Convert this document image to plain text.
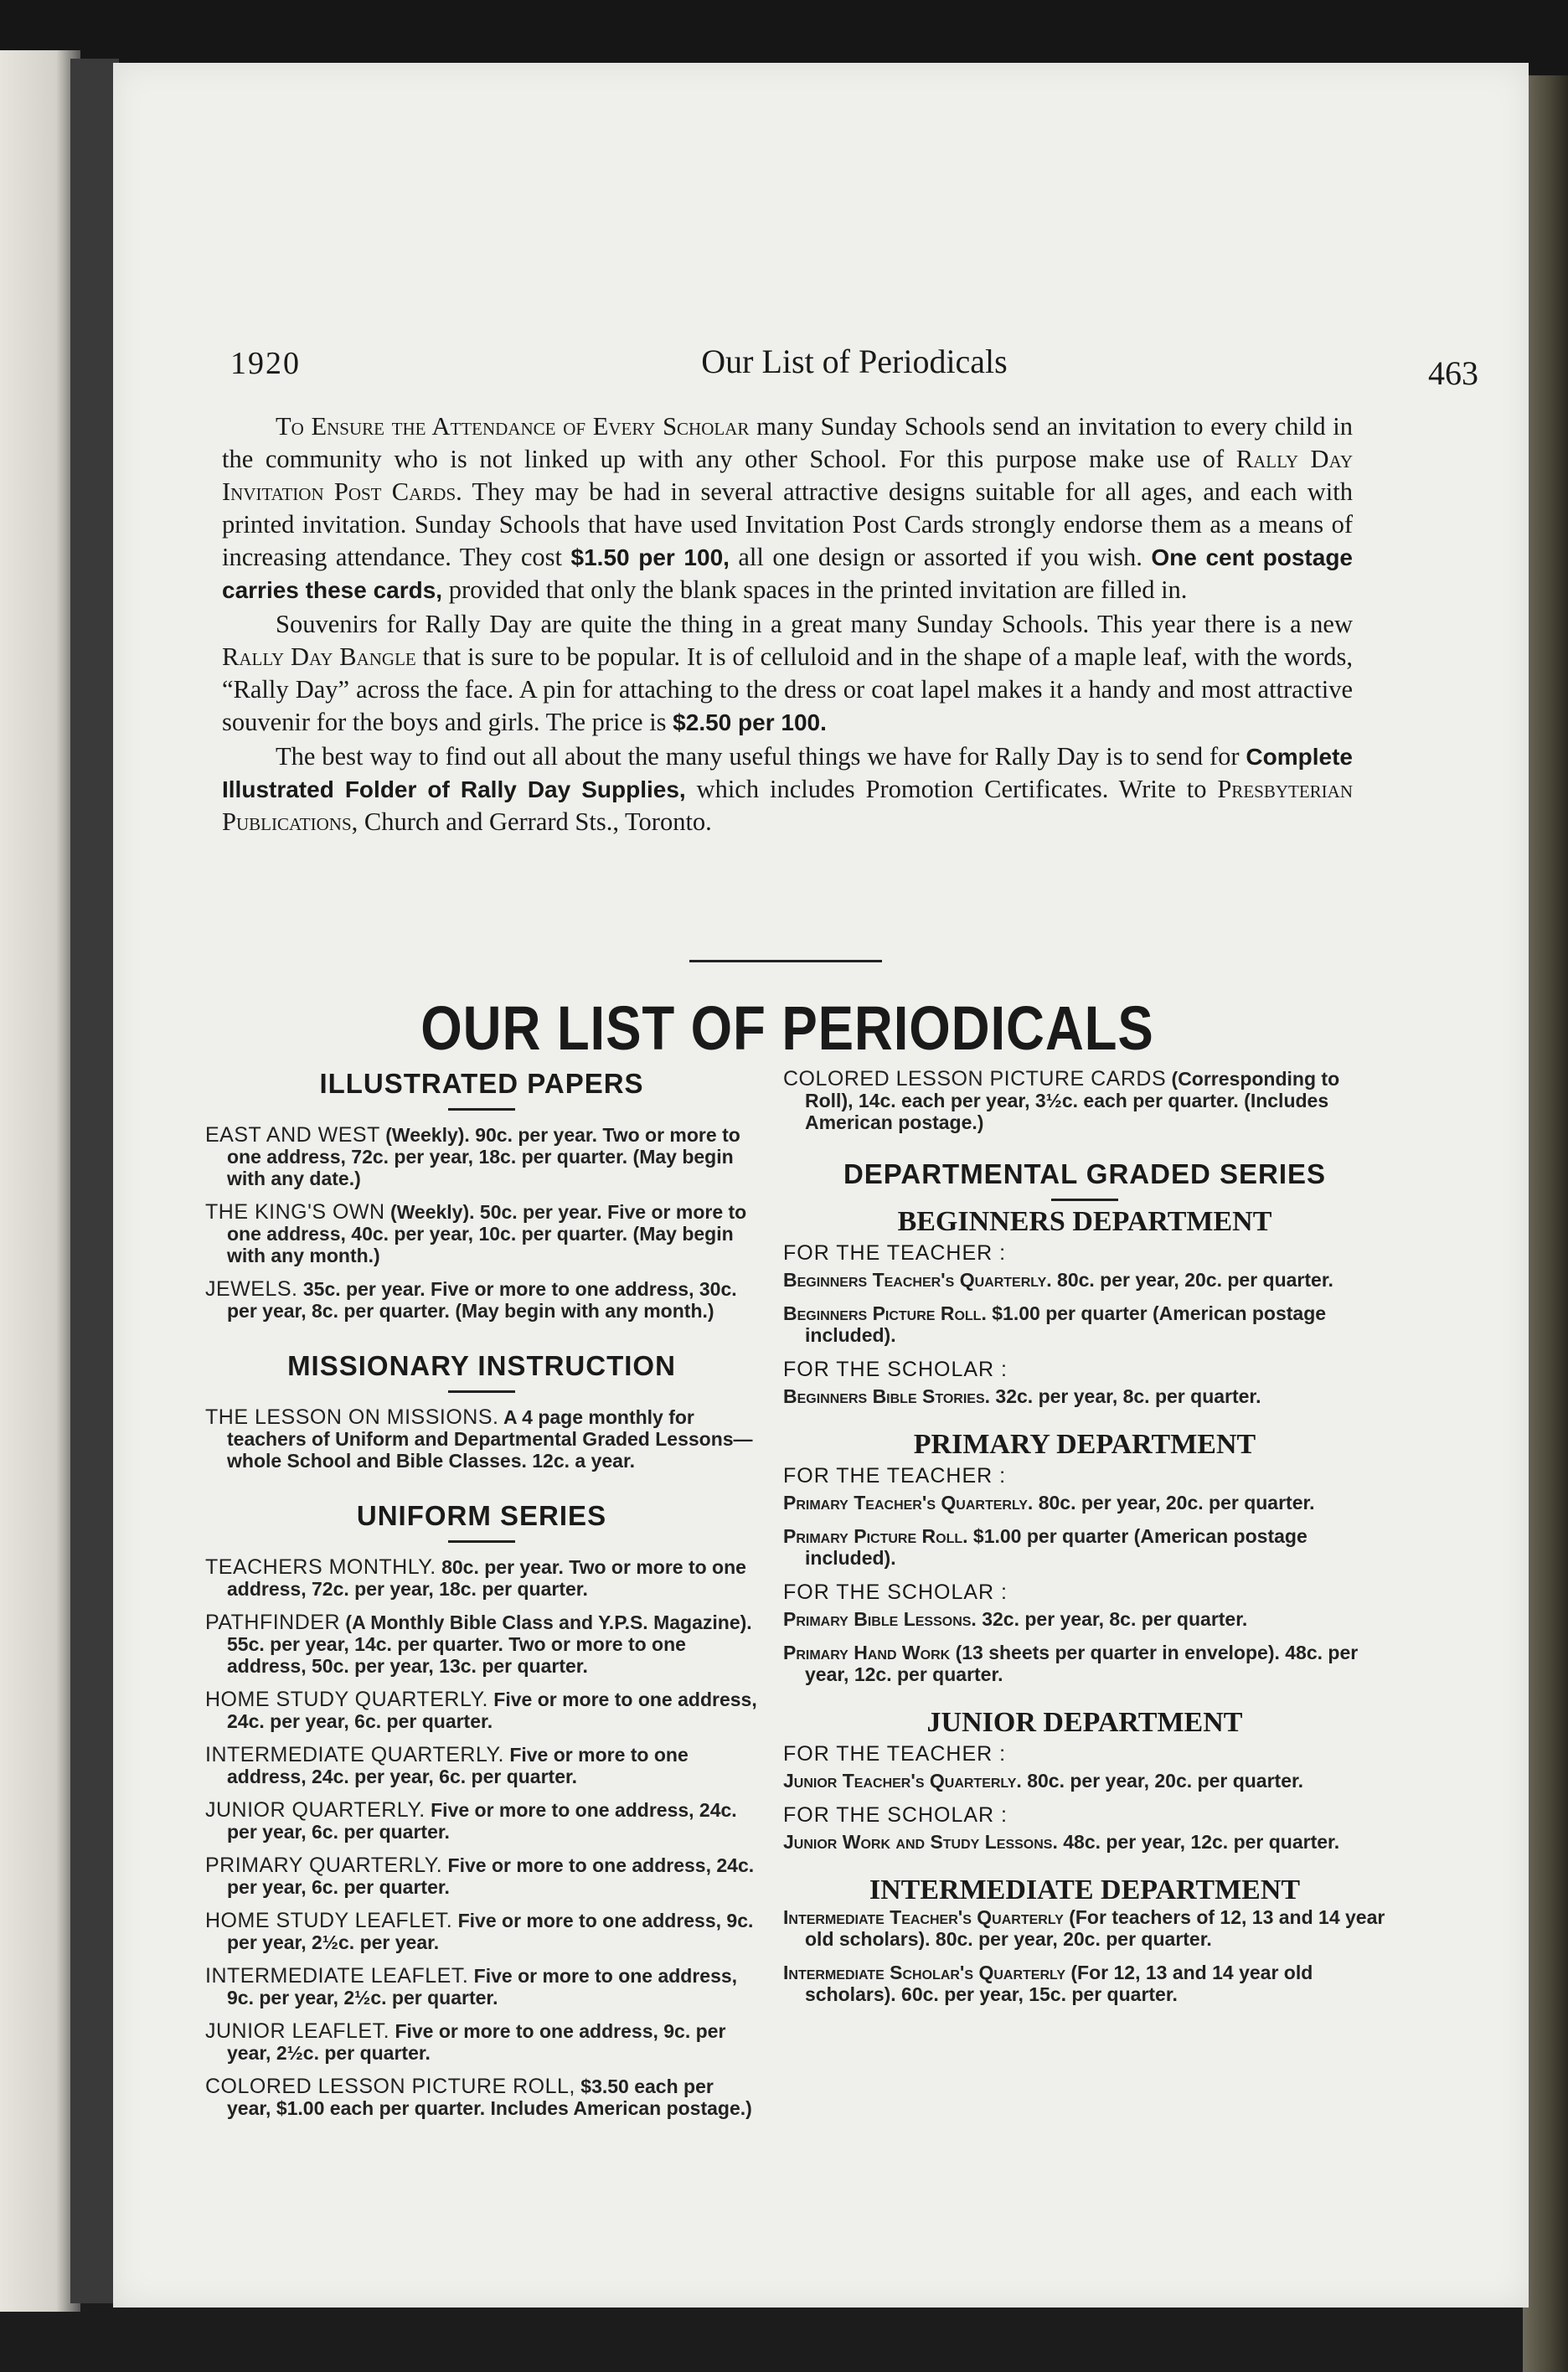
1920	Our List of Periodicals	463

To Ensure the Attendance of Every Scholar many Sunday Schools send an invitation to every child in the community who is not linked up with any other School. For this purpose make use of Rally Day Invitation Post Cards. They may be had in several attractive designs suitable for all ages, and each with printed invitation. Sunday Schools that have used Invitation Post Cards strongly endorse them as a means of increasing attendance. They cost $1.50 per 100, all one design or assorted if you wish. One cent postage carries these cards, provided that only the blank spaces in the printed invitation are filled in.

Souvenirs for Rally Day are quite the thing in a great many Sunday Schools. This year there is a new Rally Day Bangle that is sure to be popular. It is of celluloid and in the shape of a maple leaf, with the words, “Rally Day” across the face. A pin for attaching to the dress or coat lapel makes it a handy and most attractive souvenir for the boys and girls. The price is $2.50 per 100.

The best way to find out all about the many useful things we have for Rally Day is to send for Complete Illustrated Folder of Rally Day Supplies, which includes Promotion Certificates. Write to Presbyterian Publications, Church and Gerrard Sts., Toronto.

OUR LIST OF PERIODICALS
ILLUSTRATED PAPERS

EAST AND WEST (Weekly). 90c. per year. Two or more to one address, 72c. per year, 18c. per quarter. (May begin with any date.)

THE KING'S OWN (Weekly). 50c. per year. Five or more to one address, 40c. per year, 10c. per quarter. (May begin with any month.)

JEWELS. 35c. per year. Five or more to one address, 30c. per year, 8c. per quarter. (May begin with any month.)

MISSIONARY INSTRUCTION

THE LESSON ON MISSIONS. A 4 page monthly for teachers of Uniform and Departmental Graded Lessons—whole School and Bible Classes. 12c. a year.

UNIFORM SERIES

TEACHERS MONTHLY. 80c. per year. Two or more to one address, 72c. per year, 18c. per quarter.

PATHFINDER (A Monthly Bible Class and Y.P.S. Magazine). 55c. per year, 14c. per quarter. Two or more to one address, 50c. per year, 13c. per quarter.

HOME STUDY QUARTERLY. Five or more to one address, 24c. per year, 6c. per quarter.

INTERMEDIATE QUARTERLY. Five or more to one address, 24c. per year, 6c. per quarter.

JUNIOR QUARTERLY. Five or more to one address, 24c. per year, 6c. per quarter.

PRIMARY QUARTERLY. Five or more to one address, 24c. per year, 6c. per quarter.

HOME STUDY LEAFLET. Five or more to one address, 9c. per year, 2½c. per year.

INTERMEDIATE LEAFLET. Five or more to one address, 9c. per year, 2½c. per quarter.

JUNIOR LEAFLET. Five or more to one address, 9c. per year, 2½c. per quarter.

COLORED LESSON PICTURE ROLL, $3.50 each per year, $1.00 each per quarter. Includes American postage.)

COLORED LESSON PICTURE CARDS (Corresponding to Roll), 14c. each per year, 3½c. each per quarter. (Includes American postage.)

DEPARTMENTAL GRADED SERIES
BEGINNERS DEPARTMENT
FOR THE TEACHER :

Beginners Teacher's Quarterly. 80c. per year, 20c. per quarter.

Beginners Picture Roll. $1.00 per quarter (American postage included).

FOR THE SCHOLAR :

Beginners Bible Stories. 32c. per year, 8c. per quarter.

PRIMARY DEPARTMENT
FOR THE TEACHER :

Primary Teacher's Quarterly. 80c. per year, 20c. per quarter.

Primary Picture Roll. $1.00 per quarter (American postage included).

FOR THE SCHOLAR :

Primary Bible Lessons. 32c. per year, 8c. per quarter.

Primary Hand Work (13 sheets per quarter in envelope). 48c. per year, 12c. per quarter.

JUNIOR DEPARTMENT
FOR THE TEACHER :

Junior Teacher's Quarterly. 80c. per year, 20c. per quarter.

FOR THE SCHOLAR :

Junior Work and Study Lessons. 48c. per year, 12c. per quarter.

INTERMEDIATE DEPARTMENT

Intermediate Teacher's Quarterly (For teachers of 12, 13 and 14 year old scholars). 80c. per year, 20c. per quarter.

Intermediate Scholar's Quarterly (For 12, 13 and 14 year old scholars). 60c. per year, 15c. per quarter.
